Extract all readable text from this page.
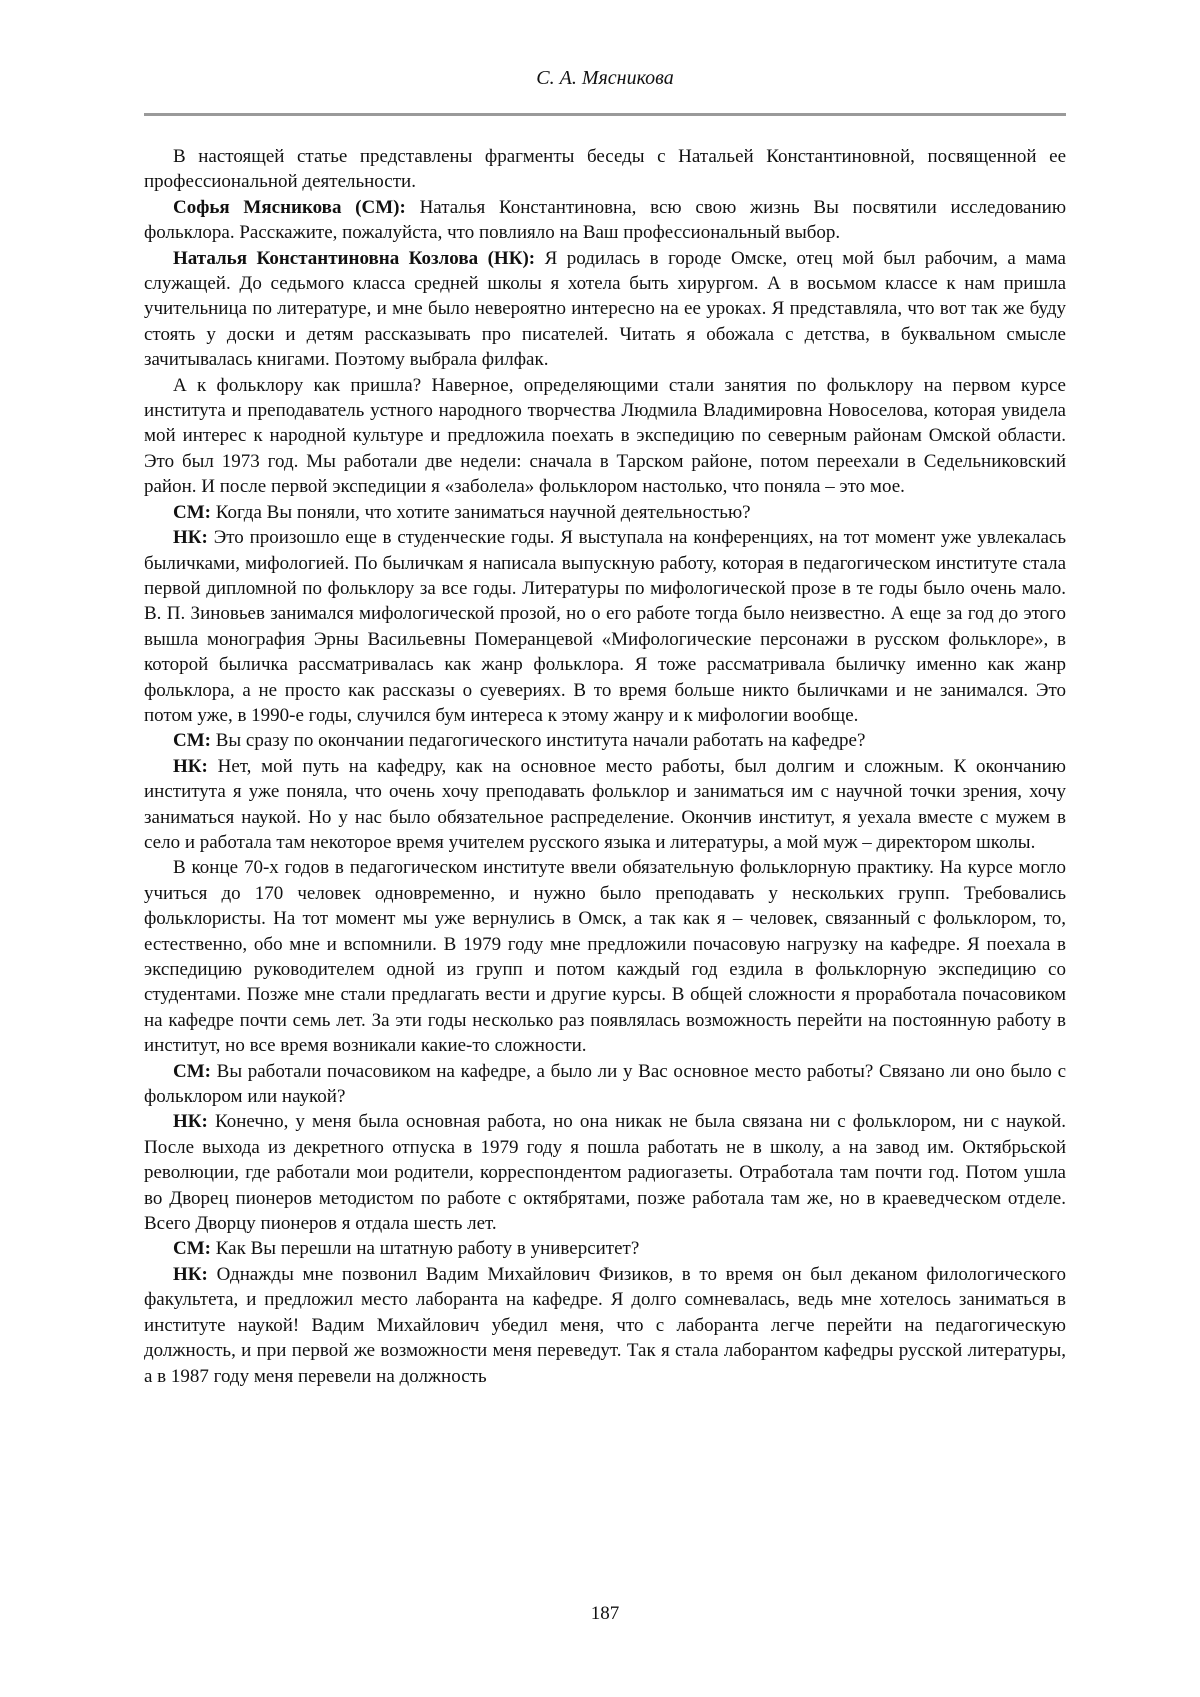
С. А. Мясникова

В настоящей статье представлены фрагменты беседы с Натальей Константиновной, посвященной ее профессиональной деятельности.

Софья Мясникова (СМ): Наталья Константиновна, всю свою жизнь Вы посвятили исследованию фольклора. Расскажите, пожалуйста, что повлияло на Ваш профессиональный выбор.

Наталья Константиновна Козлова (НК): Я родилась в городе Омске, отец мой был рабочим, а мама служащей. До седьмого класса средней школы я хотела быть хирургом. А в восьмом классе к нам пришла учительница по литературе, и мне было невероятно интересно на ее уроках. Я представляла, что вот так же буду стоять у доски и детям рассказывать про писателей. Читать я обожала с детства, в буквальном смысле зачитывалась книгами. Поэтому выбрала филфак.

А к фольклору как пришла? Наверное, определяющими стали занятия по фольклору на первом курсе института и преподаватель устного народного творчества Людмила Владимировна Новоселова, которая увидела мой интерес к народной культуре и предложила поехать в экспедицию по северным районам Омской области. Это был 1973 год. Мы работали две недели: сначала в Тарском районе, потом переехали в Седельниковский район. И после первой экспедиции я «заболела» фольклором настолько, что поняла – это мое.

СМ: Когда Вы поняли, что хотите заниматься научной деятельностью?

НК: Это произошло еще в студенческие годы. Я выступала на конференциях, на тот момент уже увлекалась быличками, мифологией. По быличкам я написала выпускную работу, которая в педагогическом институте стала первой дипломной по фольклору за все годы. Литературы по мифологической прозе в те годы было очень мало. В. П. Зиновьев занимался мифологической прозой, но о его работе тогда было неизвестно. А еще за год до этого вышла монография Эрны Васильевны Померанцевой «Мифологические персонажи в русском фольклоре», в которой быличка рассматривалась как жанр фольклора. Я тоже рассматривала быличку именно как жанр фольклора, а не просто как рассказы о суевериях. В то время больше никто быличками и не занимался. Это потом уже, в 1990-е годы, случился бум интереса к этому жанру и к мифологии вообще.

СМ: Вы сразу по окончании педагогического института начали работать на кафедре?

НК: Нет, мой путь на кафедру, как на основное место работы, был долгим и сложным. К окончанию института я уже поняла, что очень хочу преподавать фольклор и заниматься им с научной точки зрения, хочу заниматься наукой. Но у нас было обязательное распределение. Окончив институт, я уехала вместе с мужем в село и работала там некоторое время учителем русского языка и литературы, а мой муж – директором школы.

В конце 70-х годов в педагогическом институте ввели обязательную фольклорную практику. На курсе могло учиться до 170 человек одновременно, и нужно было преподавать у нескольких групп. Требовались фольклористы. На тот момент мы уже вернулись в Омск, а так как я – человек, связанный с фольклором, то, естественно, обо мне и вспомнили. В 1979 году мне предложили почасовую нагрузку на кафедре. Я поехала в экспедицию руководителем одной из групп и потом каждый год ездила в фольклорную экспедицию со студентами. Позже мне стали предлагать вести и другие курсы. В общей сложности я проработала почасовиком на кафедре почти семь лет. За эти годы несколько раз появлялась возможность перейти на постоянную работу в институт, но все время возникали какие-то сложности.

СМ: Вы работали почасовиком на кафедре, а было ли у Вас основное место работы? Связано ли оно было с фольклором или наукой?

НК: Конечно, у меня была основная работа, но она никак не была связана ни с фольклором, ни с наукой. После выхода из декретного отпуска в 1979 году я пошла работать не в школу, а на завод им. Октябрьской революции, где работали мои родители, корреспондентом радиогазеты. Отработала там почти год. Потом ушла во Дворец пионеров методистом по работе с октябрятами, позже работала там же, но в краеведческом отделе. Всего Дворцу пионеров я отдала шесть лет.

СМ: Как Вы перешли на штатную работу в университет?

НК: Однажды мне позвонил Вадим Михайлович Физиков, в то время он был деканом филологического факультета, и предложил место лаборанта на кафедре. Я долго сомневалась, ведь мне хотелось заниматься в институте наукой! Вадим Михайлович убедил меня, что с лаборанта легче перейти на педагогическую должность, и при первой же возможности меня переведут. Так я стала лаборантом кафедры русской литературы, а в 1987 году меня перевели на должность

187
